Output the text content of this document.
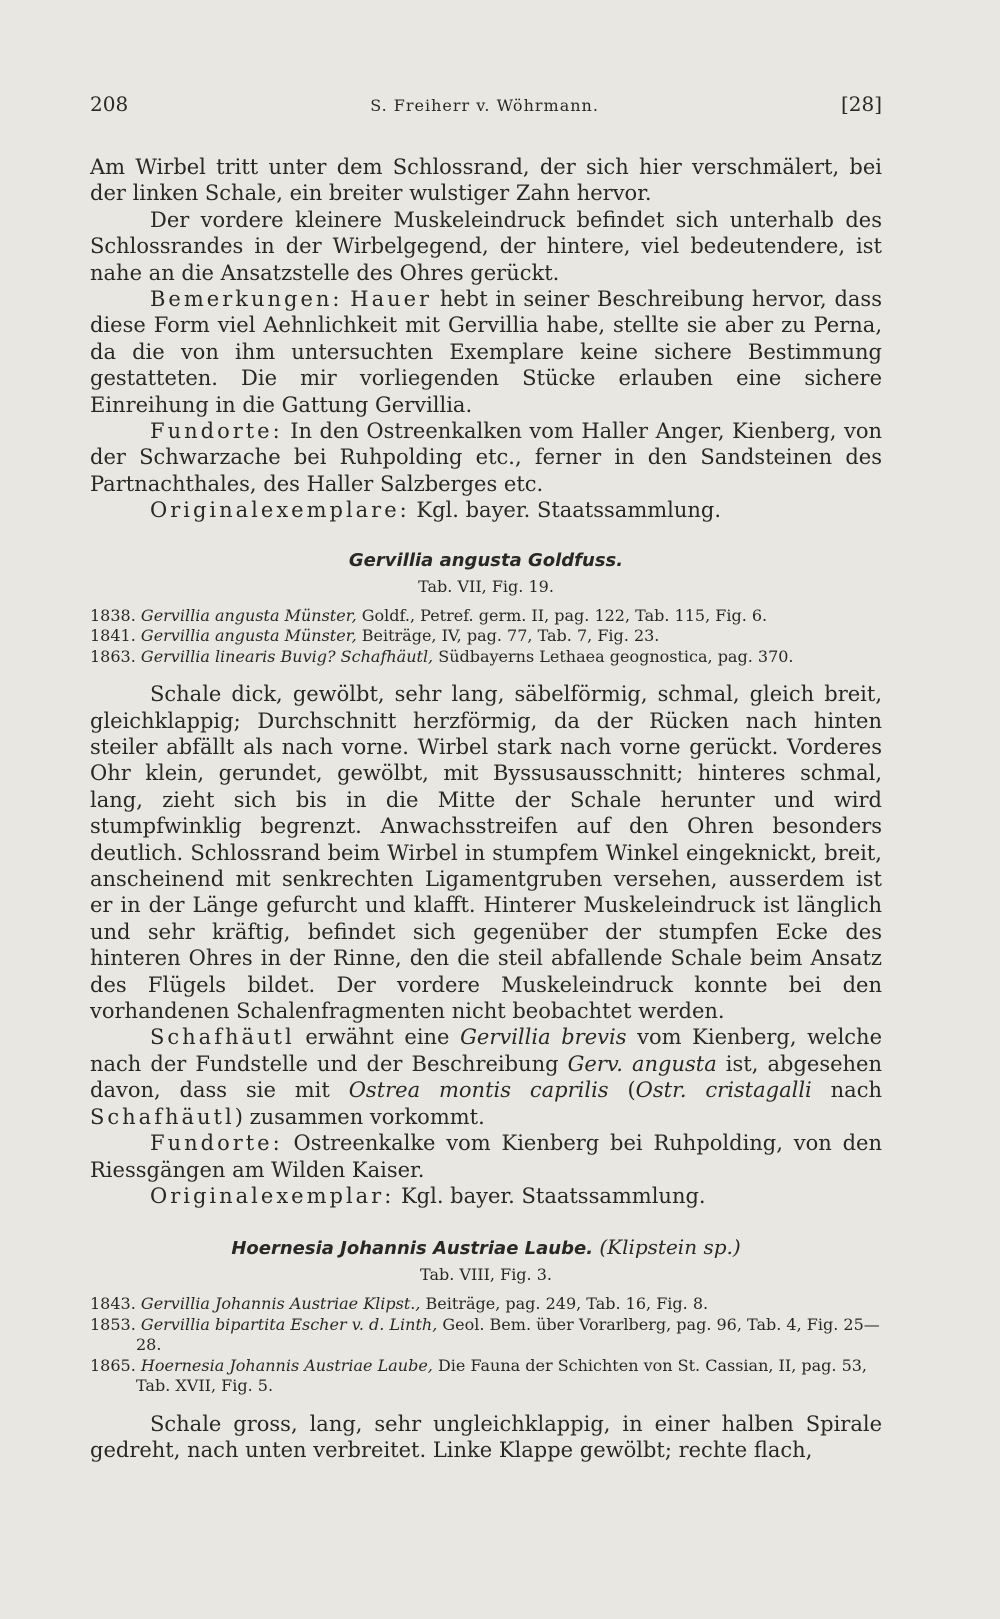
208	S. Freiherr v. Wöhrmann.	[28]

Am Wirbel tritt unter dem Schlossrand, der sich hier verschmälert, bei der linken Schale, ein breiter wulstiger Zahn hervor.

Der vordere kleinere Muskeleindruck befindet sich unterhalb des Schlossrandes in der Wirbelgegend, der hintere, viel bedeutendere, ist nahe an die Ansatzstelle des Ohres gerückt.

Bemerkungen: Hauer hebt in seiner Beschreibung hervor, dass diese Form viel Aehnlichkeit mit Gervillia habe, stellte sie aber zu Perna, da die von ihm untersuchten Exemplare keine sichere Bestimmung gestatteten. Die mir vorliegenden Stücke erlauben eine sichere Einreihung in die Gattung Gervillia.

Fundorte: In den Ostreenkalken vom Haller Anger, Kienberg, von der Schwarzache bei Ruhpolding etc., ferner in den Sandsteinen des Partnachthales, des Haller Salzberges etc.

Originalexemplare: Kgl. bayer. Staatssammlung.

Gervillia angusta Goldfuss.
Tab. VII, Fig. 19.
1838. Gervillia angusta Münster, Goldf., Petref. germ. II, pag. 122, Tab. 115, Fig. 6.
1841. Gervillia angusta Münster, Beiträge, IV, pag. 77, Tab. 7, Fig. 23.
1863. Gervillia linearis Buvig? Schafhäutl, Südbayerns Lethaea geognostica, pag. 370.

Schale dick, gewölbt, sehr lang, säbelförmig, schmal, gleich breit, gleichklappig; Durchschnitt herzförmig, da der Rücken nach hinten steiler abfällt als nach vorne. Wirbel stark nach vorne gerückt. Vorderes Ohr klein, gerundet, gewölbt, mit Byssusausschnitt; hinteres schmal, lang, zieht sich bis in die Mitte der Schale herunter und wird stumpfwinklig begrenzt. Anwachsstreifen auf den Ohren besonders deutlich. Schlossrand beim Wirbel in stumpfem Winkel eingeknickt, breit, anscheinend mit senkrechten Ligamentgruben versehen, ausserdem ist er in der Länge gefurcht und klafft. Hinterer Muskeleindruck ist länglich und sehr kräftig, befindet sich gegenüber der stumpfen Ecke des hinteren Ohres in der Rinne, den die steil abfallende Schale beim Ansatz des Flügels bildet. Der vordere Muskeleindruck konnte bei den vorhandenen Schalenfragmenten nicht beobachtet werden.

Schafhäutl erwähnt eine Gervillia brevis vom Kienberg, welche nach der Fundstelle und der Beschreibung Gerv. angusta ist, abgesehen davon, dass sie mit Ostrea montis caprilis (Ostr. cristagalli nach Schafhäutl) zusammen vorkommt.

Fundorte: Ostreenkalke vom Kienberg bei Ruhpolding, von den Riessgängen am Wilden Kaiser.

Originalexemplar: Kgl. bayer. Staatssammlung.

Hoernesia Johannis Austriae Laube. (Klipstein sp.)
Tab. VIII, Fig. 3.
1843. Gervillia Johannis Austriae Klipst., Beiträge, pag. 249, Tab. 16, Fig. 8.
1853. Gervillia bipartita Escher v. d. Linth, Geol. Bem. über Vorarlberg, pag. 96, Tab. 4, Fig. 25—28.
1865. Hoernesia Johannis Austriae Laube, Die Fauna der Schichten von St. Cassian, II, pag. 53, Tab. XVII, Fig. 5.

Schale gross, lang, sehr ungleichklappig, in einer halben Spirale gedreht, nach unten verbreitet. Linke Klappe gewölbt; rechte flach,
